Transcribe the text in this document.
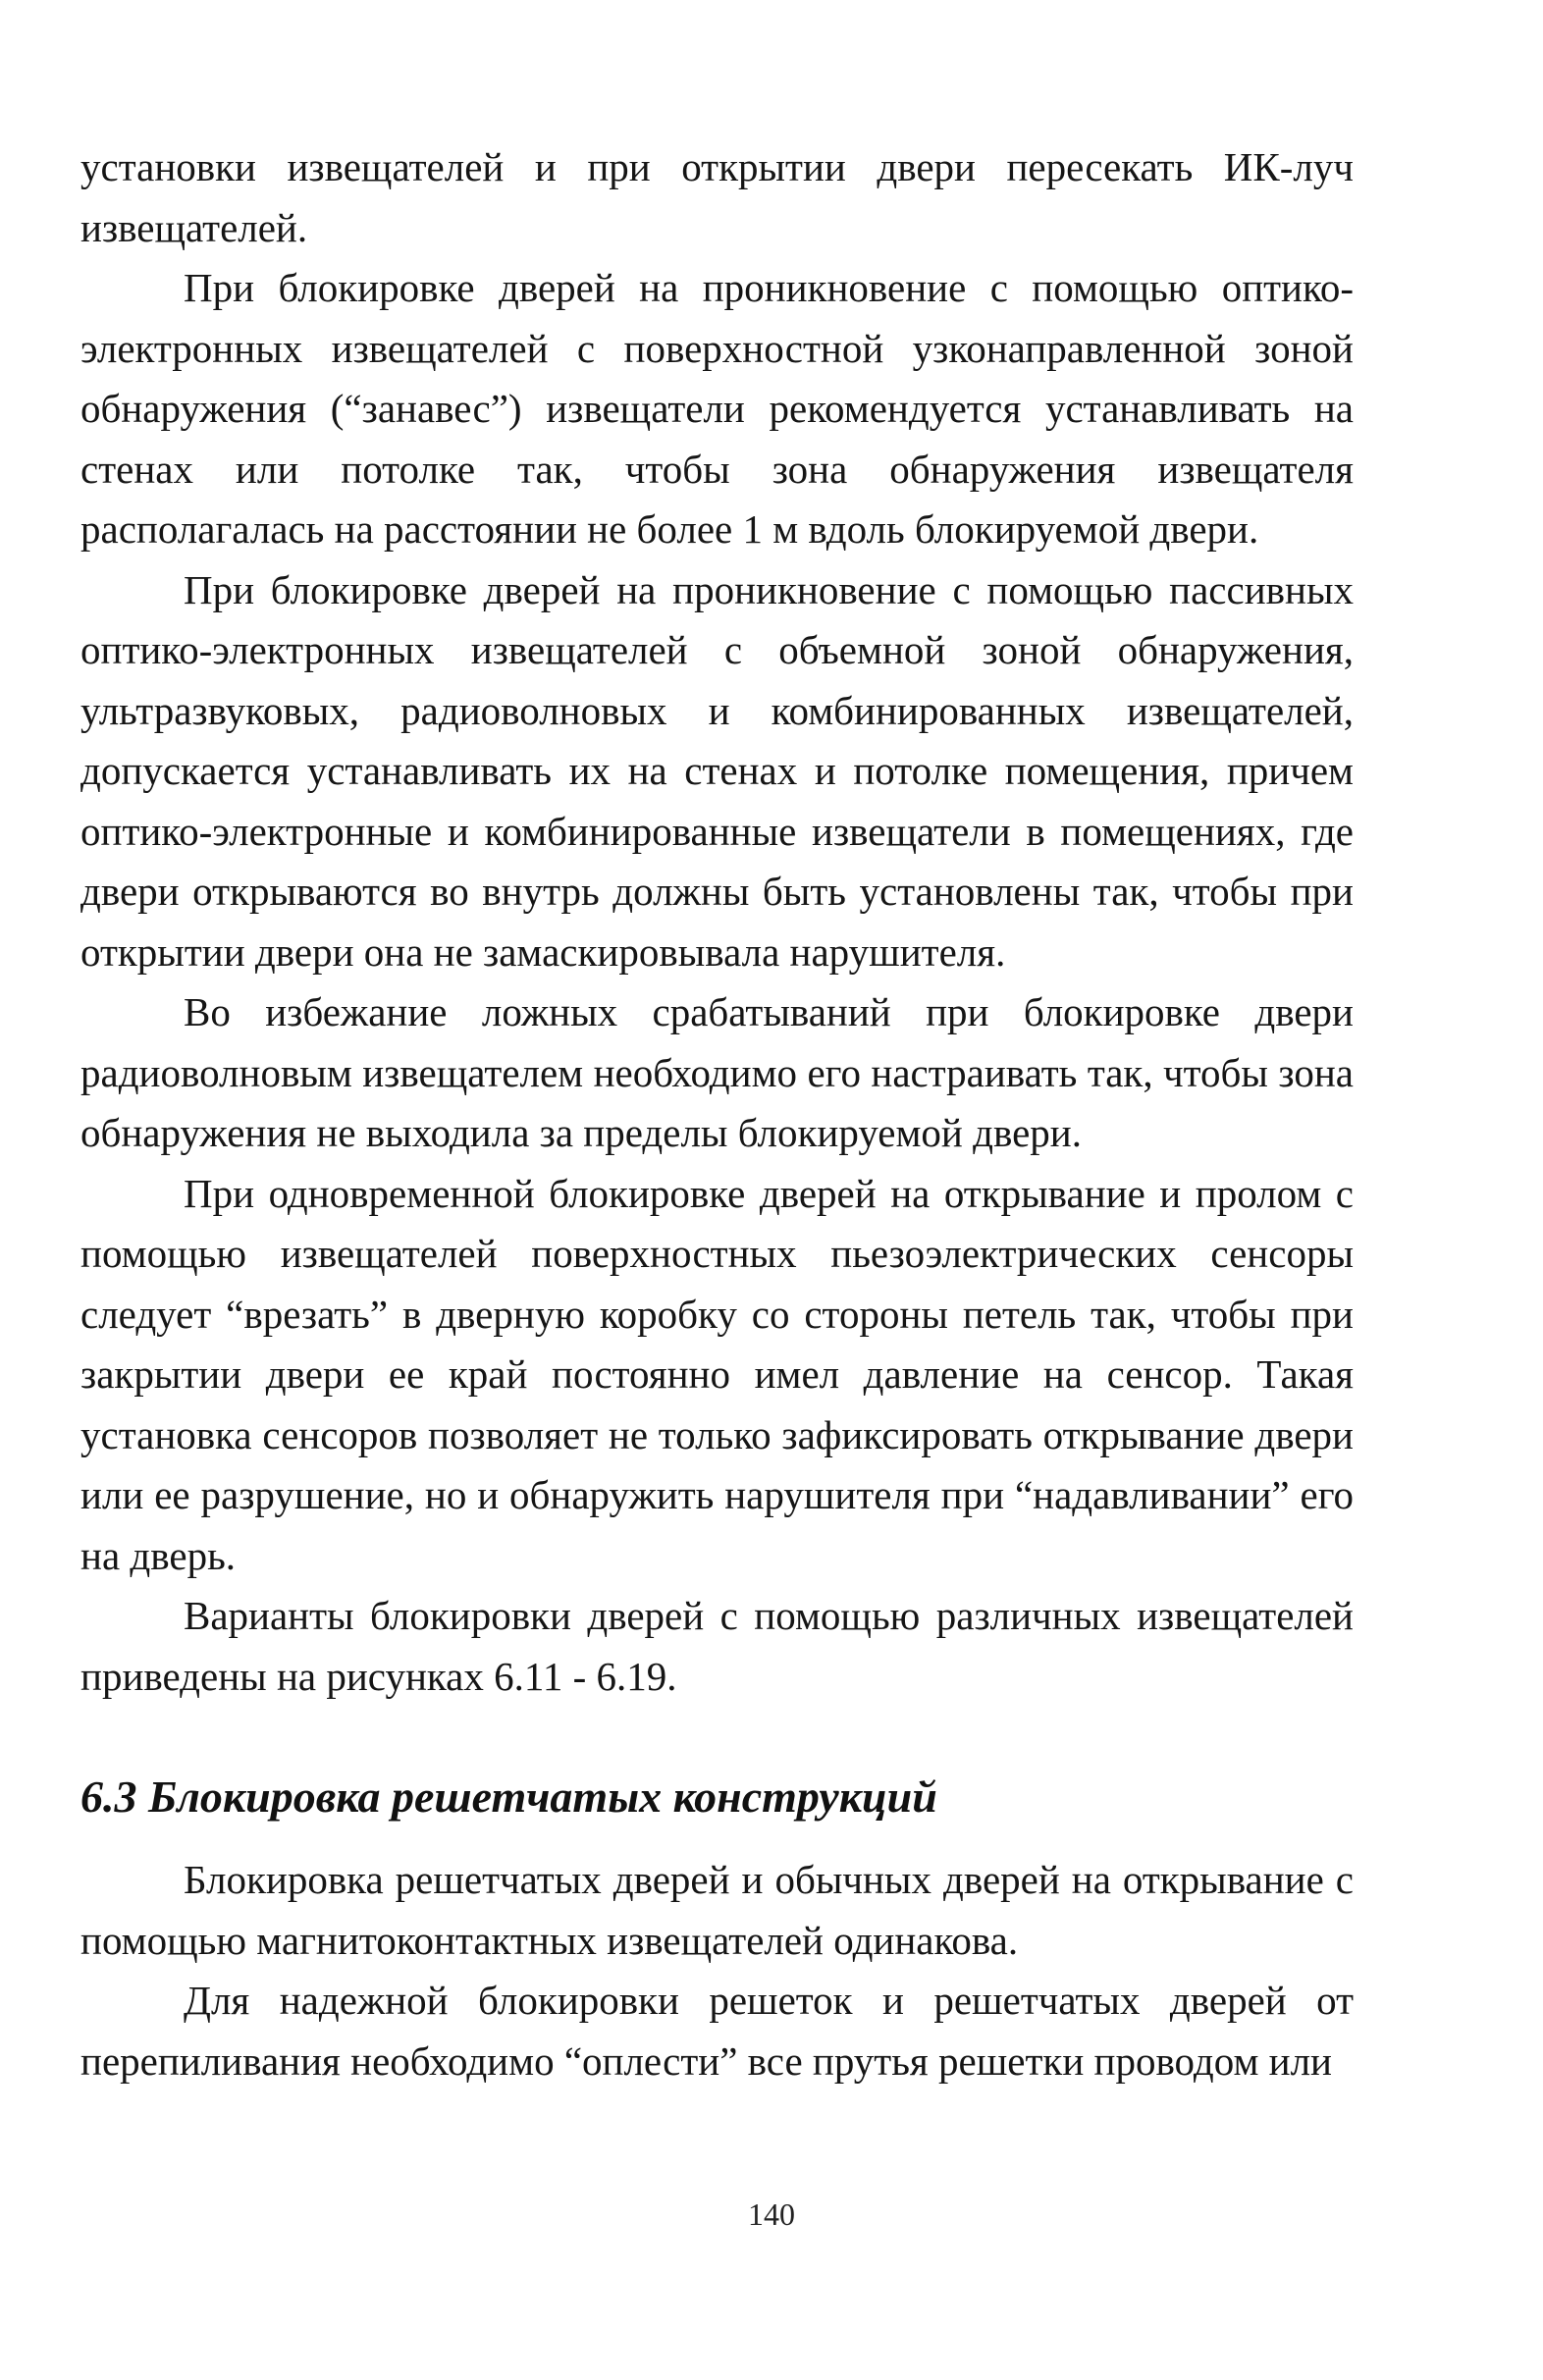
установки извещателей и при открытии двери пересекать ИК-луч извещателей.

При блокировке дверей на проникновение с помощью оптико-электронных извещателей с поверхностной узконаправленной зоной обнаружения (“занавес”) извещатели рекомендуется устанавливать на стенах или потолке так, чтобы зона обнаружения извещателя располагалась на расстоянии не более 1 м вдоль блокируемой двери.

При блокировке дверей на проникновение с помощью пассивных оптико-электронных извещателей с объемной зоной обнаружения, ультразвуковых, радиоволновых и комбинированных извещателей, допускается устанавливать их на стенах и потолке помещения, причем оптико-электронные и комбинированные извещатели в помещениях, где двери открываются во внутрь должны быть установлены так, чтобы при открытии двери она не замаскировывала нарушителя.

Во избежание ложных срабатываний при блокировке двери радиоволновым извещателем необходимо его настраивать так, чтобы зона обнаружения не выходила за пределы блокируемой двери.

При одновременной блокировке дверей на открывание и пролом с помощью извещателей поверхностных пьезоэлектрических сенсоры следует “врезать” в дверную коробку со стороны петель так, чтобы при закрытии двери ее край постоянно имел давление на сенсор. Такая установка сенсоров позволяет не только зафиксировать открывание двери или ее разрушение, но и обнаружить нарушителя при “надавливании” его на дверь.

Варианты блокировки дверей с помощью различных извещателей приведены на рисунках 6.11 - 6.19.

6.3 Блокировка решетчатых конструкций

Блокировка решетчатых дверей и обычных дверей на открывание с помощью магнитоконтактных извещателей одинакова.

Для надежной блокировки решеток и решетчатых дверей от перепиливания необходимо “оплести” все прутья решетки проводом или

140
